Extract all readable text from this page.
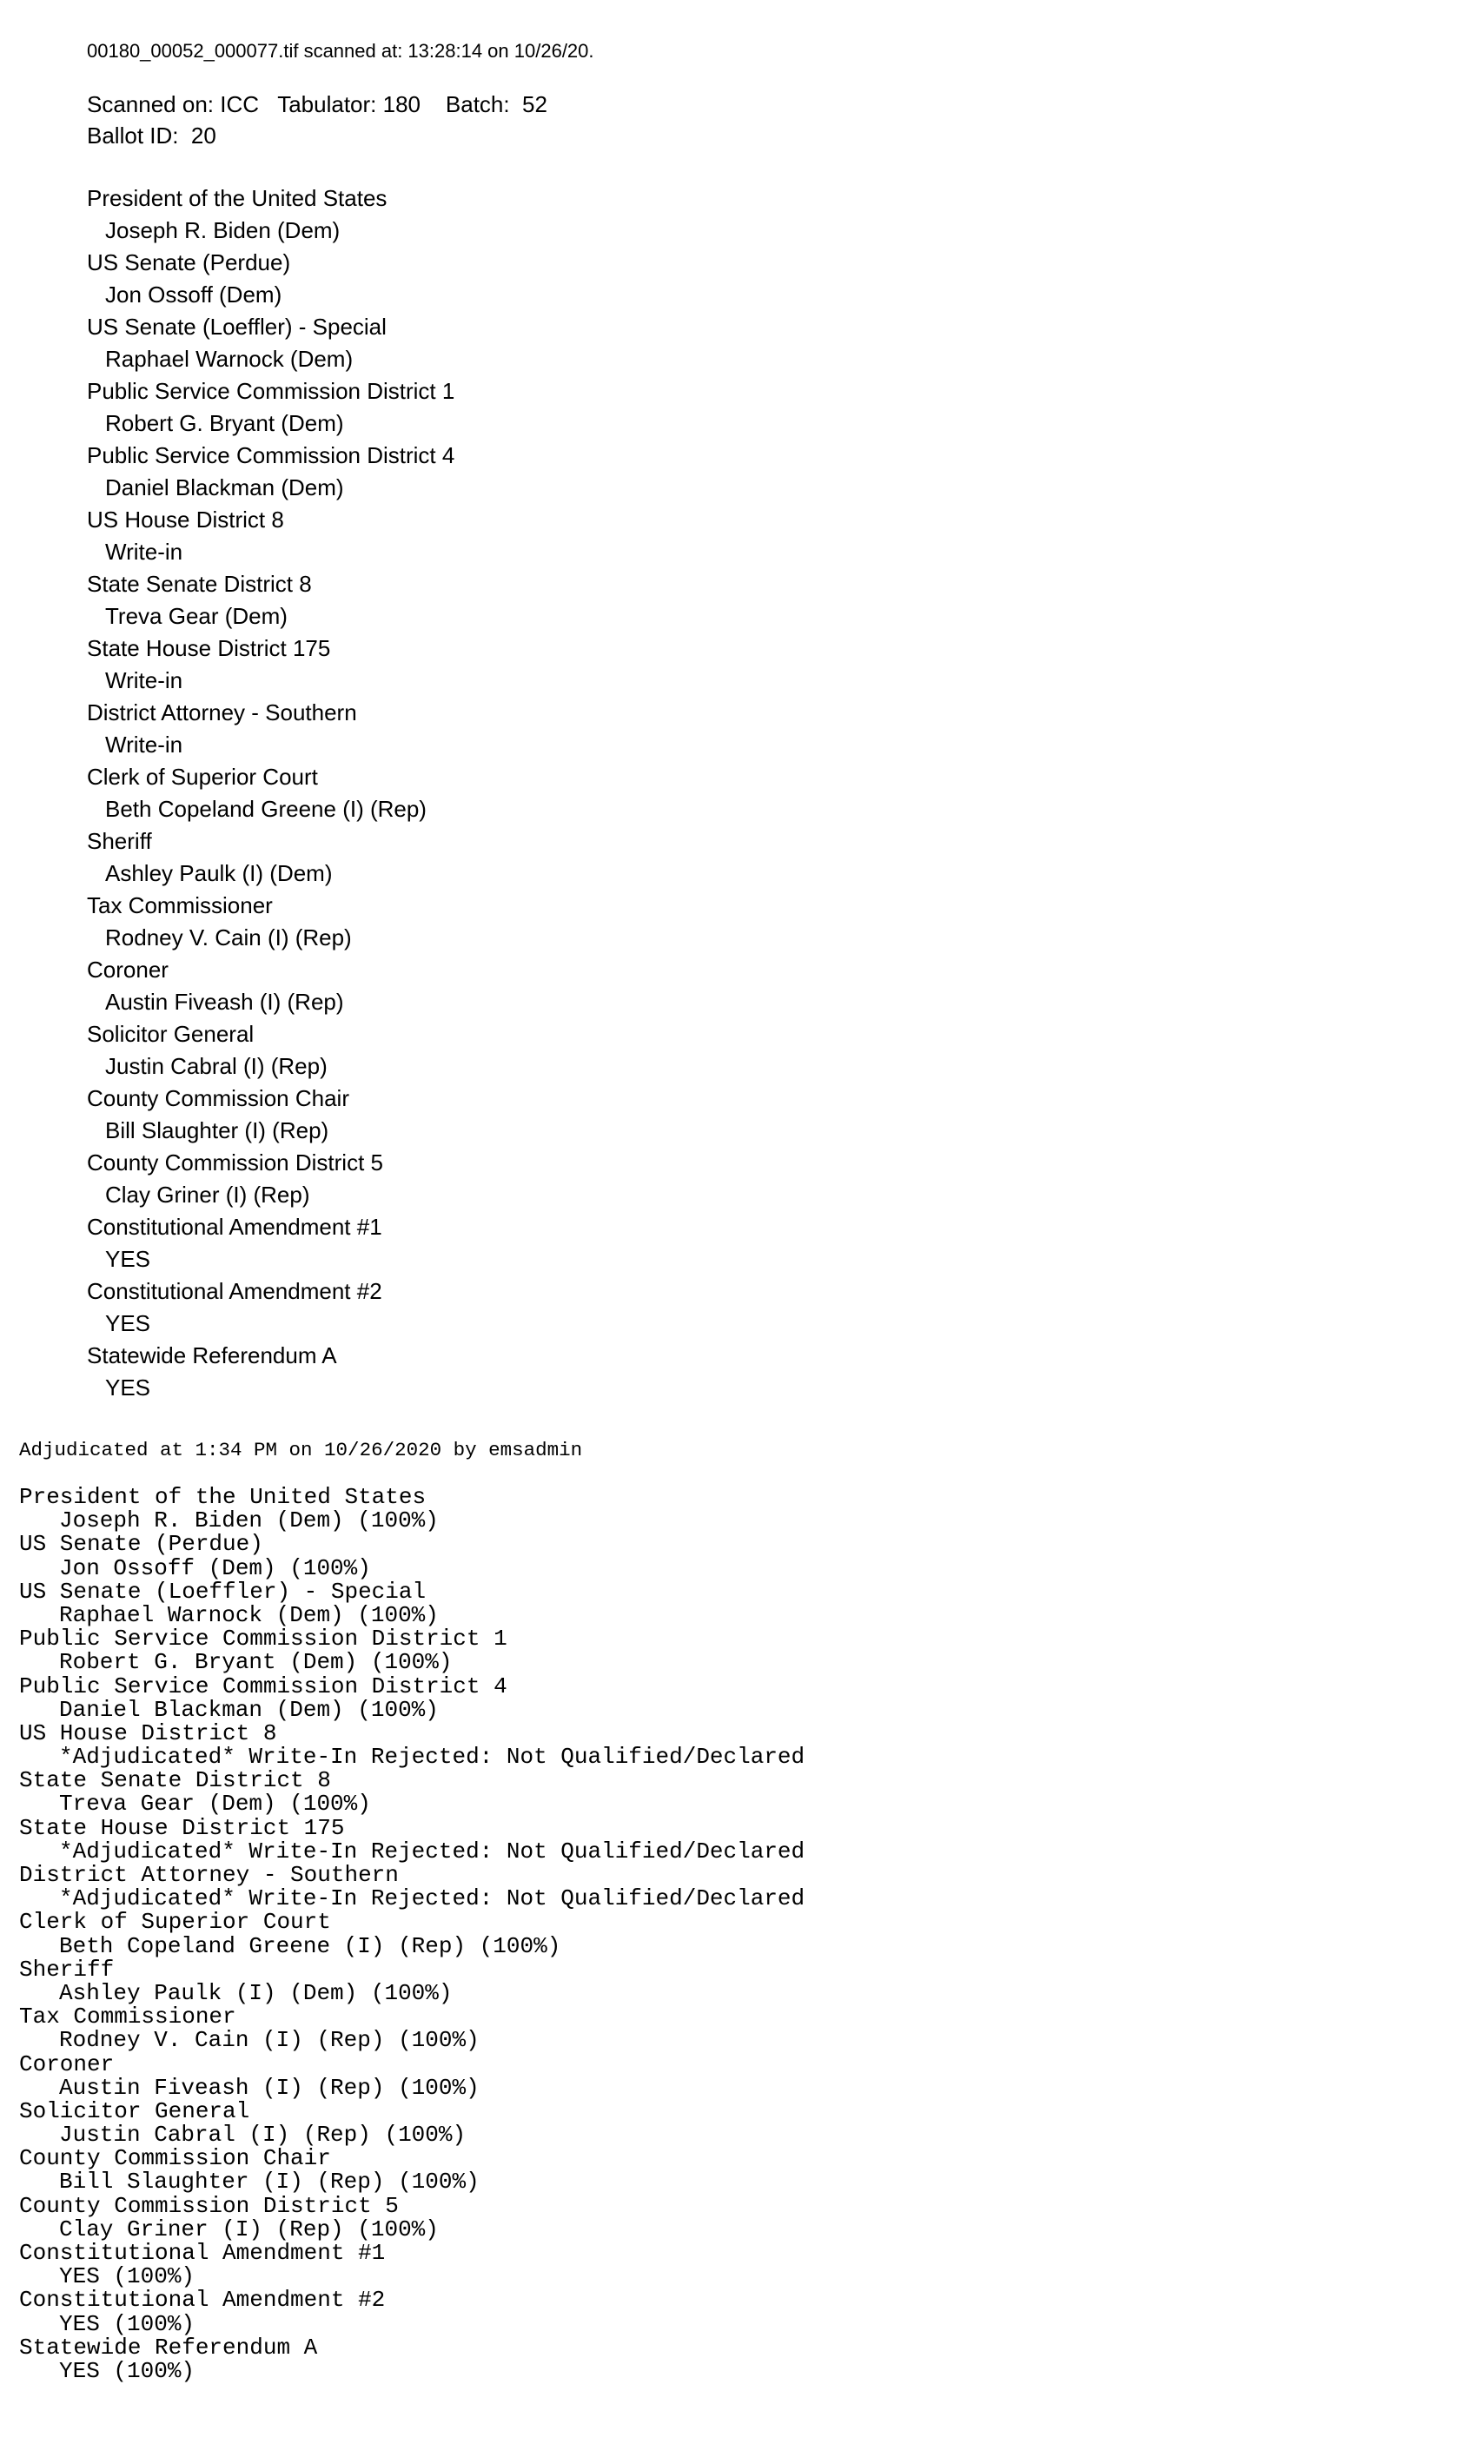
00180_00052_000077.tif scanned at: 13:28:14 on 10/26/20.
Scanned on: ICC   Tabulator: 180    Batch:  52
Ballot ID:  20
President of the United States
Joseph R. Biden (Dem)
US Senate (Perdue)
Jon Ossoff (Dem)
US Senate (Loeffler) - Special
Raphael Warnock (Dem)
Public Service Commission District 1
Robert G. Bryant (Dem)
Public Service Commission District 4
Daniel Blackman (Dem)
US House District 8
Write-in
State Senate District 8
Treva Gear (Dem)
State House District 175
Write-in
District Attorney - Southern
Write-in
Clerk of Superior Court
Beth Copeland Greene (I) (Rep)
Sheriff
Ashley Paulk (I) (Dem)
Tax Commissioner
Rodney V. Cain (I) (Rep)
Coroner
Austin Fiveash (I) (Rep)
Solicitor General
Justin Cabral (I) (Rep)
County Commission Chair
Bill Slaughter (I) (Rep)
County Commission District 5
Clay Griner (I) (Rep)
Constitutional Amendment #1
YES
Constitutional Amendment #2
YES
Statewide Referendum A
YES
Adjudicated at 1:34 PM on 10/26/2020 by emsadmin
President of the United States
Joseph R. Biden (Dem) (100%)
US Senate (Perdue)
Jon Ossoff (Dem) (100%)
US Senate (Loeffler) - Special
Raphael Warnock (Dem) (100%)
Public Service Commission District 1
Robert G. Bryant (Dem) (100%)
Public Service Commission District 4
Daniel Blackman (Dem) (100%)
US House District 8
*Adjudicated* Write-In Rejected: Not Qualified/Declared
State Senate District 8
Treva Gear (Dem) (100%)
State House District 175
*Adjudicated* Write-In Rejected: Not Qualified/Declared
District Attorney - Southern
*Adjudicated* Write-In Rejected: Not Qualified/Declared
Clerk of Superior Court
Beth Copeland Greene (I) (Rep) (100%)
Sheriff
Ashley Paulk (I) (Dem) (100%)
Tax Commissioner
Rodney V. Cain (I) (Rep) (100%)
Coroner
Austin Fiveash (I) (Rep) (100%)
Solicitor General
Justin Cabral (I) (Rep) (100%)
County Commission Chair
Bill Slaughter (I) (Rep) (100%)
County Commission District 5
Clay Griner (I) (Rep) (100%)
Constitutional Amendment #1
YES (100%)
Constitutional Amendment #2
YES (100%)
Statewide Referendum A
YES (100%)
